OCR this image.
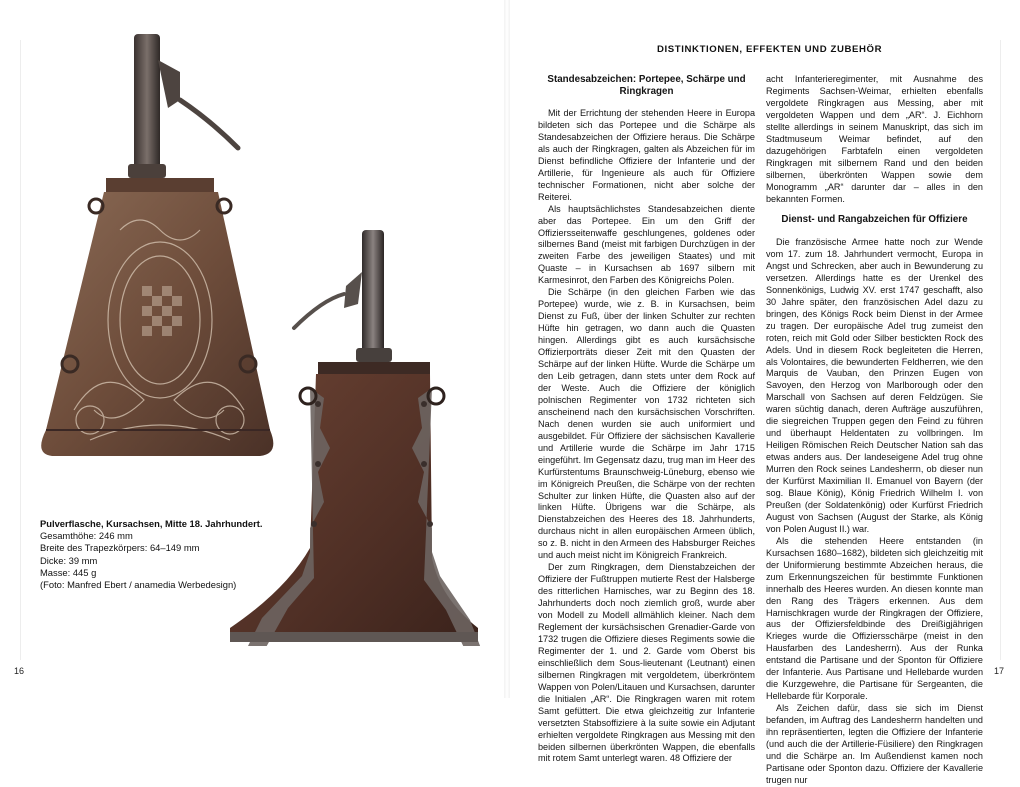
Pulverflasche, Kursachsen, Mitte 18. Jahrhundert.
Gesamthöhe: 246 mm
Breite des Trapezkörpers: 64–149 mm
Dicke: 39 mm
Masse: 445 g
(Foto: Manfred Ebert / anamedia Werbedesign)
16	17
DISTINKTIONEN, EFFEKTEN UND ZUBEHÖR
Standesabzeichen: Portepee, Schärpe und Ringkragen

Mit der Errichtung der stehenden Heere in Europa bildeten sich das Portepee und die Schärpe als Standesabzeichen der Offiziere heraus. Die Schärpe als auch der Ringkragen, galten als Abzeichen für im Dienst befindliche Offiziere der Infanterie und der Artillerie, für Ingenieure als auch für Offiziere technischer Formationen, nicht aber solche der Reiterei.

Als hauptsächlichstes Standesabzeichen diente aber das Portepee. Ein um den Griff der Offiziersseitenwaffe geschlungenes, goldenes oder silbernes Band (meist mit farbigen Durchzügen in der zweiten Farbe des jeweiligen Staates) und mit Quaste – in Kursachsen ab 1697 silbern mit Karmesinrot, den Farben des Königreichs Polen.

Die Schärpe (in den gleichen Farben wie das Portepee) wurde, wie z. B. in Kursachsen, beim Dienst zu Fuß, über der linken Schulter zur rechten Hüfte hin getragen, wo dann auch die Quasten hingen. Allerdings gibt es auch kursächsische Offizierporträts dieser Zeit mit den Quasten der Schärpe auf der linken Hüfte. Wurde die Schärpe um den Leib getragen, dann stets unter dem Rock auf der Weste. Auch die Offiziere der königlich polnischen Regimenter von 1732 richteten sich anscheinend nach den kursächsischen Vorschriften. Nach denen wurden sie auch uniformiert und ausgebildet. Für Offiziere der sächsischen Kavallerie und Artillerie wurde die Schärpe im Jahr 1715 eingeführt. Im Gegensatz dazu, trug man im Heer des Kurfürstentums Braunschweig-Lüneburg, ebenso wie im Königreich Preußen, die Schärpe von der rechten Schulter zur linken Hüfte, die Quasten also auf der linken Hüfte. Übrigens war die Schärpe, als Dienstabzeichen des Heeres des 18. Jahrhunderts, durchaus nicht in allen europäischen Armeen üblich, so z. B. nicht in den Armeen des Habsburger Reiches und auch meist nicht im Königreich Frankreich.

Der zum Ringkragen, dem Dienstabzeichen der Offiziere der Fußtruppen mutierte Rest der Halsberge des ritterlichen Harnisches, war zu Beginn des 18. Jahrhunderts doch noch ziemlich groß, wurde aber von Modell zu Modell allmählich kleiner. Nach dem Reglement der kursächsischen Grenadier-Garde von 1732 trugen die Offiziere dieses Regiments sowie die Regimenter der 1. und 2. Garde vom Oberst bis einschließlich dem Sous-lieutenant (Leutnant) einen silbernen Ringkragen mit vergoldetem, überkröntem Wappen von Polen/Litauen und Kursachsen, darunter die Initialen „AR“. Die Ringkragen waren mit rotem Samt gefüttert. Die etwa gleichzeitig zur Infanterie versetzten Stabsoffiziere à la suite sowie ein Adjutant erhielten vergoldete Ringkragen aus Messing mit den beiden silbernen überkrönten Wappen, die ebenfalls mit rotem Samt unterlegt waren. 48 Offiziere der

acht Infanterieregimenter, mit Ausnahme des Regiments Sachsen-Weimar, erhielten ebenfalls vergoldete Ringkragen aus Messing, aber mit vergoldeten Wappen und dem „AR“. J. Eichhorn stellte allerdings in seinem Manuskript, das sich im Stadtmuseum Weimar befindet, auf den dazugehörigen Farbtafeln einen vergoldeten Ringkragen mit silbernem Rand und den beiden silbernen, überkrönten Wappen sowie dem Monogramm „AR“ darunter dar – alles in den bekannten Formen.

Dienst- und Rangabzeichen für Offiziere

Die französische Armee hatte noch zur Wende vom 17. zum 18. Jahrhundert vermocht, Europa in Angst und Schrecken, aber auch in Bewunderung zu versetzen. Allerdings hatte es der Urenkel des Sonnenkönigs, Ludwig XV. erst 1747 geschafft, also 30 Jahre später, den französischen Adel dazu zu bringen, des Königs Rock beim Dienst in der Armee zu tragen. Der europäische Adel trug zumeist den roten, reich mit Gold oder Silber bestickten Rock des Adels. Und in diesem Rock begleiteten die Herren, als Volontaires, die bewunderten Feldherren, wie den Marquis de Vauban, den Prinzen Eugen von Savoyen, den Herzog von Marlborough oder den Marschall von Sachsen auf deren Feldzügen. Sie waren süchtig danach, deren Aufträge auszuführen, die siegreichen Truppen gegen den Feind zu führen und überhaupt Heldentaten zu vollbringen. Im Heiligen Römischen Reich Deutscher Nation sah das etwas anders aus. Der landeseigene Adel trug ohne Murren den Rock seines Landesherrn, ob dieser nun der Kurfürst Maximilian II. Emanuel von Bayern (der sog. Blaue König), König Friedrich Wilhelm I. von Preußen (der Soldatenkönig) oder Kurfürst Friedrich August von Sachsen (August der Starke, als König von Polen August II.) war.

Als die stehenden Heere entstanden (in Kursachsen 1680–1682), bildeten sich gleichzeitig mit der Uniformierung bestimmte Abzeichen heraus, die zum Erkennungszeichen für bestimmte Funktionen innerhalb des Heeres wurden. An diesen konnte man den Rang des Trägers erkennen. Aus dem Harnischkragen wurde der Ringkragen der Offiziere, aus der Offiziersfeldbinde des Dreißigjährigen Krieges wurde die Offiziersschärpe (meist in den Hausfarben des Landesherrn). Aus der Runka entstand die Partisane und der Sponton für Offiziere der Infanterie. Aus Partisane und Hellebarde wurden die Kurzgewehre, die Partisane für Sergeanten, die Hellebarde für Korporale.

Als Zeichen dafür, dass sie sich im Dienst befanden, im Auftrag des Landesherrn handelten und ihn repräsentierten, legten die Offiziere der Infanterie (und auch die der Artillerie-Füsiliere) den Ringkragen und die Schärpe an. Im Außendienst kamen noch Partisane oder Sponton dazu. Offiziere der Kavallerie trugen nur
